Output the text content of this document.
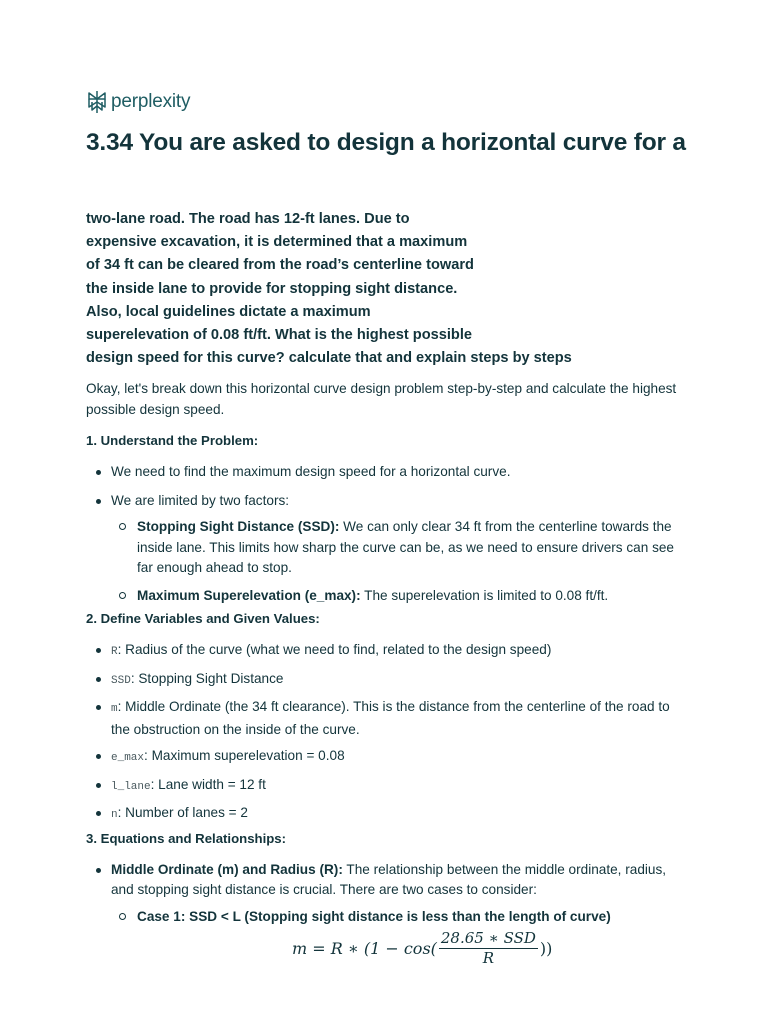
perplexity
3.34 You are asked to design a horizontal curve for a
two-lane road. The road has 12-ft lanes. Due to
expensive excavation, it is determined that a maximum
of 34 ft can be cleared from the road’s centerline toward
the inside lane to provide for stopping sight distance.
Also, local guidelines dictate a maximum
superelevation of 0.08 ft/ft. What is the highest possible
design speed for this curve? calculate that and explain steps by steps

Okay, let's break down this horizontal curve design problem step-by-step and calculate the highest possible design speed.

1. Understand the Problem:

We need to find the maximum design speed for a horizontal curve.
We are limited by two factors:
Stopping Sight Distance (SSD): We can only clear 34 ft from the centerline towards the inside lane. This limits how sharp the curve can be, as we need to ensure drivers can see far enough ahead to stop.
Maximum Superelevation (e_max): The superelevation is limited to 0.08 ft/ft.

2. Define Variables and Given Values:

R: Radius of the curve (what we need to find, related to the design speed)
SSD: Stopping Sight Distance
m: Middle Ordinate (the 34 ft clearance). This is the distance from the centerline of the road to the obstruction on the inside of the curve.
e_max: Maximum superelevation = 0.08
l_lane: Lane width = 12 ft
n: Number of lanes = 2

3. Equations and Relationships:

Middle Ordinate (m) and Radius (R): The relationship between the middle ordinate, radius, and stopping sight distance is crucial. There are two cases to consider:
Case 1: SSD < L (Stopping sight distance is less than the length of curve)
m = R ∗ ($1 - \cos( \frac{\text{28.65 ∗ SSD}}{R}$ ))
